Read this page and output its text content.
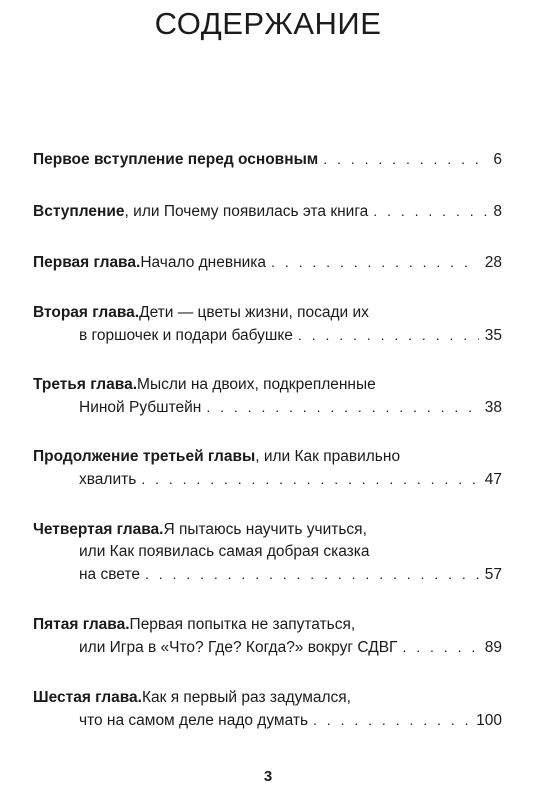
СОДЕРЖАНИЕ
Первое вступление перед основным . . .	6
Вступление , или Почему появилась эта книга . . .	8
Первая глава. Начало дневника . . .	28
Вторая глава. Дети — цветы жизни, посади их
в горшочек и подари бабушке . . .	35
Третья глава. Мысли на двоих, подкрепленные
Ниной Рубштейн . . .	38
Продолжение третьей главы , или Как правильно
хвалить . . .	47
Четвертая глава. Я пытаюсь научить учиться,
или Как появилась самая добрая сказка
на свете . . .	57
Пятая глава. Первая попытка не запутаться,
или Игра в «Что? Где? Когда?» вокруг СДВГ . . .	89
Шестая глава. Как я первый раз задумался,
что на самом деле надо думать . . .	100
3
